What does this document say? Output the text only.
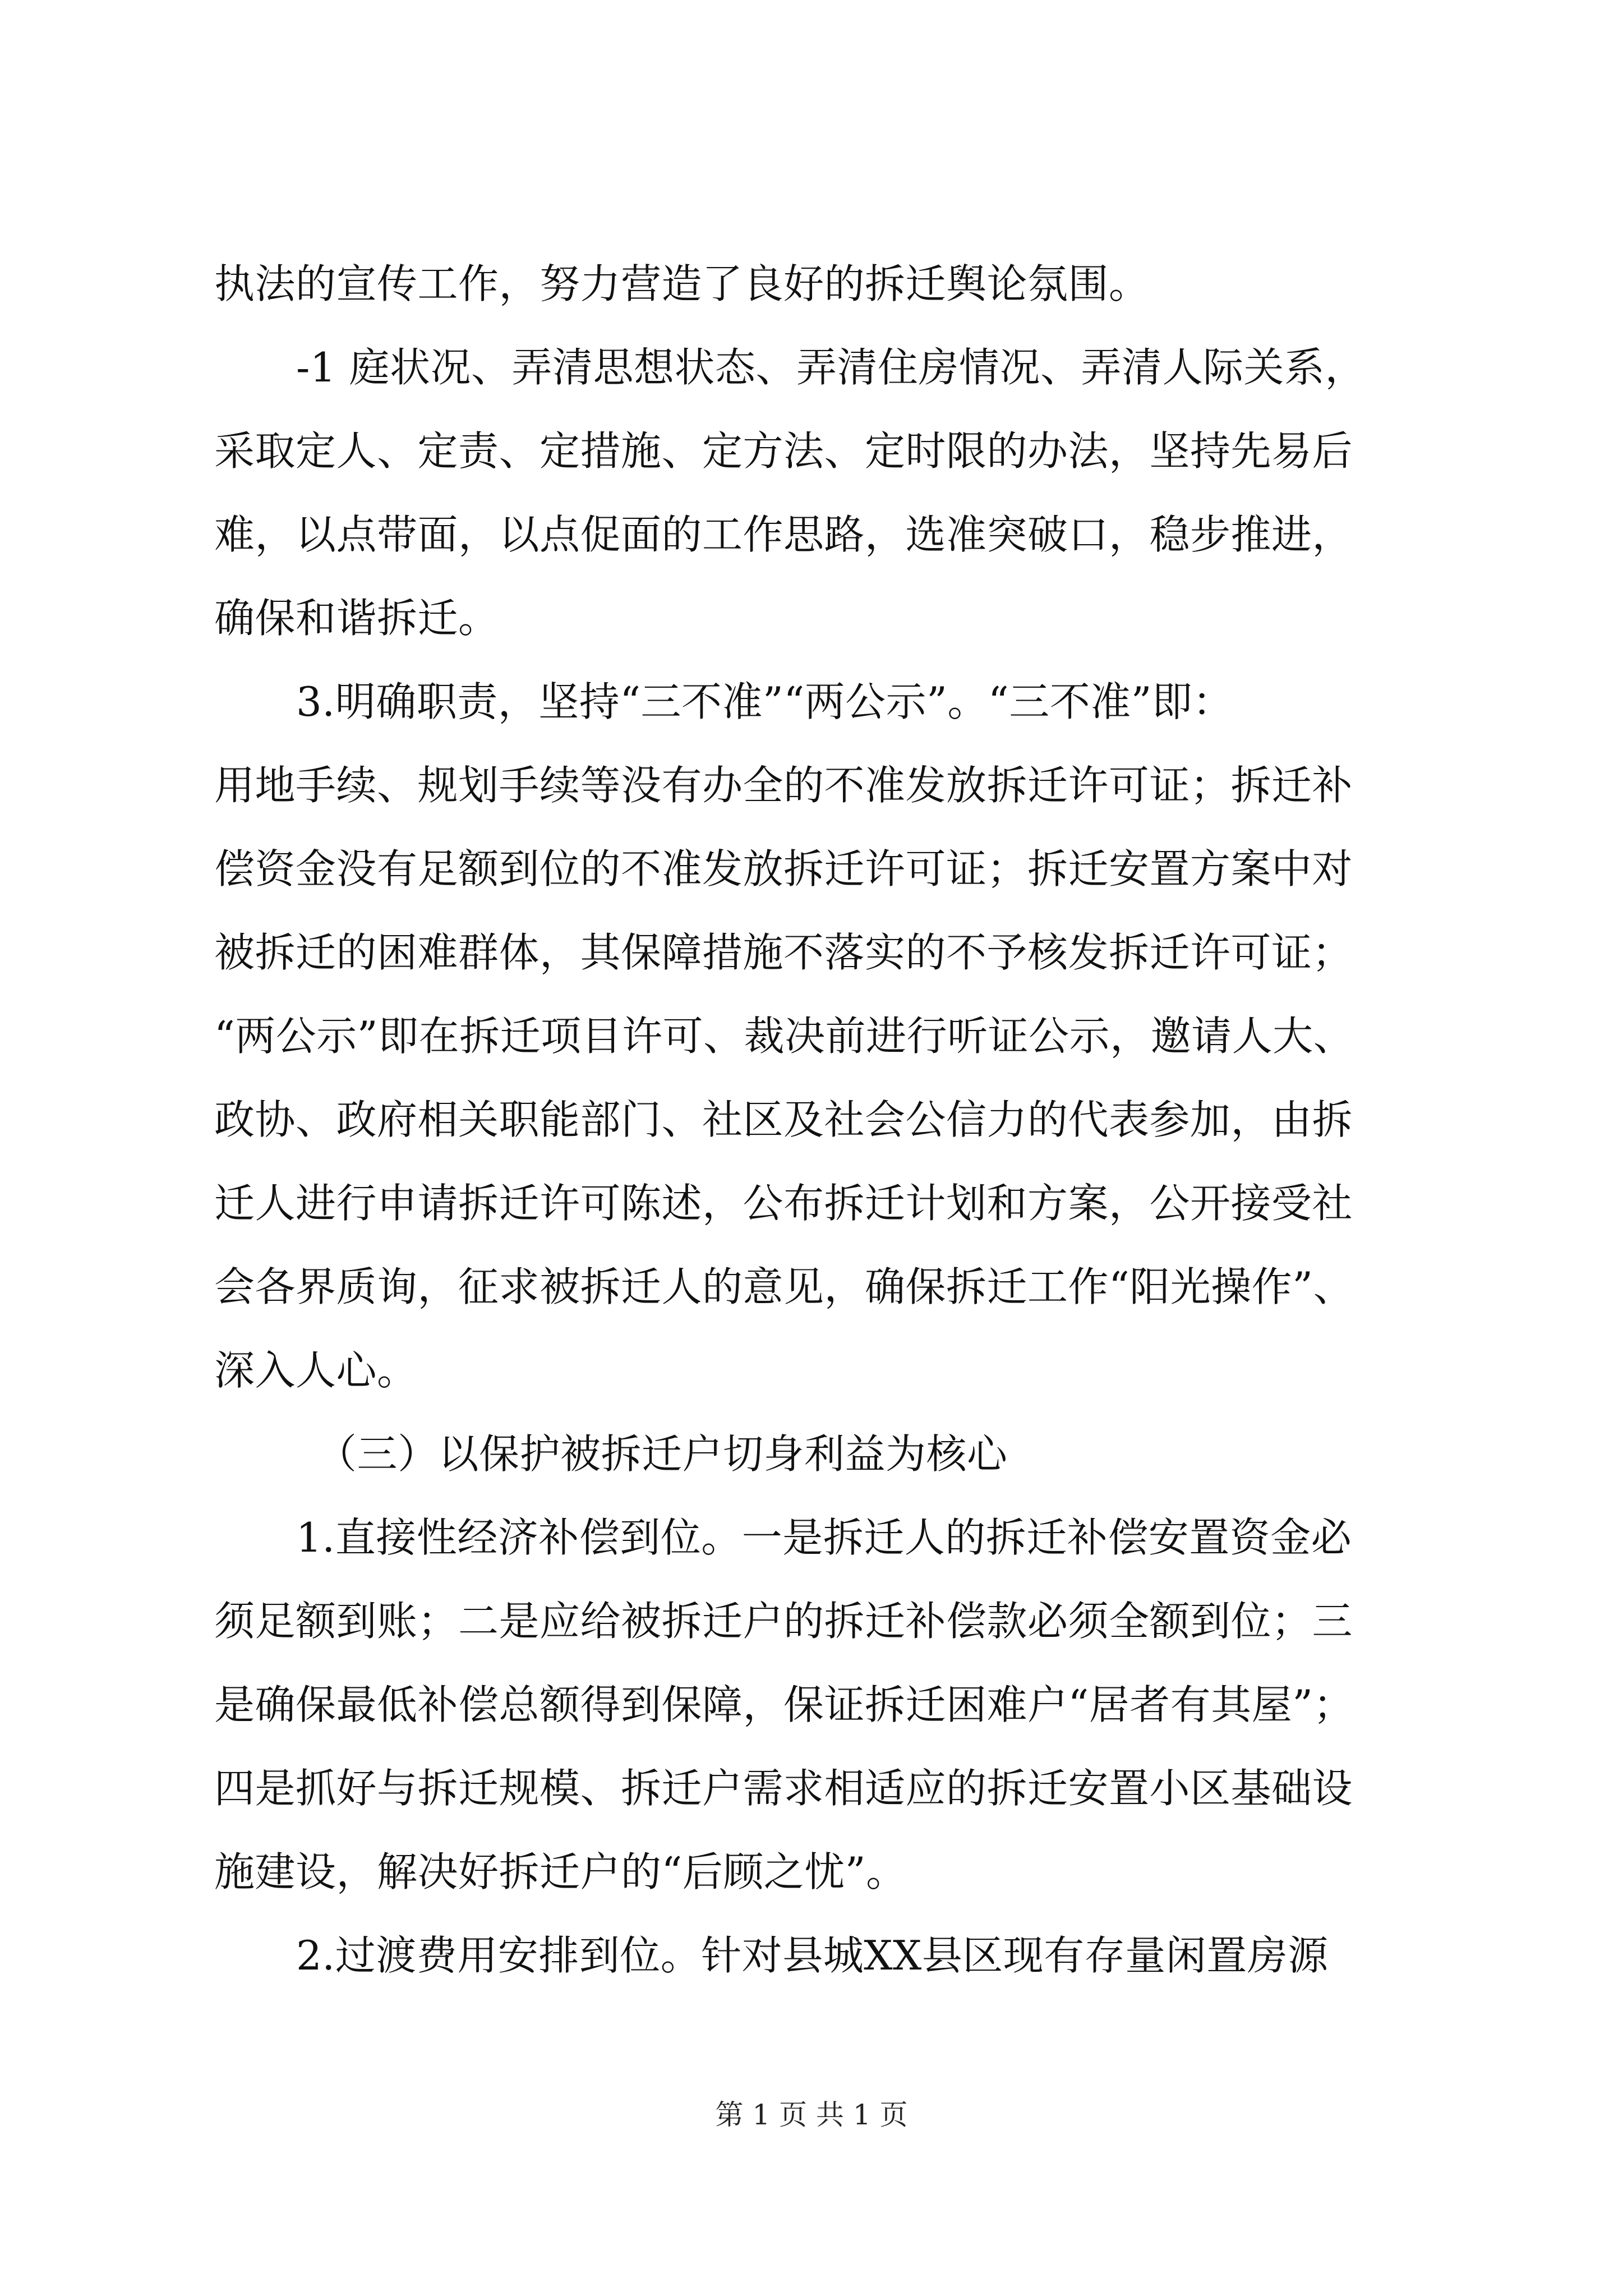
执法的宣传工作，努力营造了良好的拆迁舆论氛围。
-1 庭状况、弄清思想状态、弄清住房情况、弄清人际关系，
采取定人、定责、定措施、定方法、定时限的办法，坚持先易后
难，以点带面，以点促面的工作思路，选准突破口，稳步推进，
确保和谐拆迁。
3.明确职责，坚持“三不准”“两公示”。“三不准”即：
用地手续、规划手续等没有办全的不准发放拆迁许可证；拆迁补
偿资金没有足额到位的不准发放拆迁许可证；拆迁安置方案中对
被拆迁的困难群体，其保障措施不落实的不予核发拆迁许可证；
“两公示”即在拆迁项目许可、裁决前进行听证公示，邀请人大、
政协、政府相关职能部门、社区及社会公信力的代表参加，由拆
迁人进行申请拆迁许可陈述，公布拆迁计划和方案，公开接受社
会各界质询，征求被拆迁人的意见，确保拆迁工作“阳光操作”、
深入人心。
（三）以保护被拆迁户切身利益为核心
1.直接性经济补偿到位。一是拆迁人的拆迁补偿安置资金必
须足额到账；二是应给被拆迁户的拆迁补偿款必须全额到位；三
是确保最低补偿总额得到保障，保证拆迁困难户“居者有其屋”；
四是抓好与拆迁规模、拆迁户需求相适应的拆迁安置小区基础设
施建设，解决好拆迁户的“后顾之忧”。
2.过渡费用安排到位。针对县城XX县区现有存量闲置房源
第 1 页 共 1 页
